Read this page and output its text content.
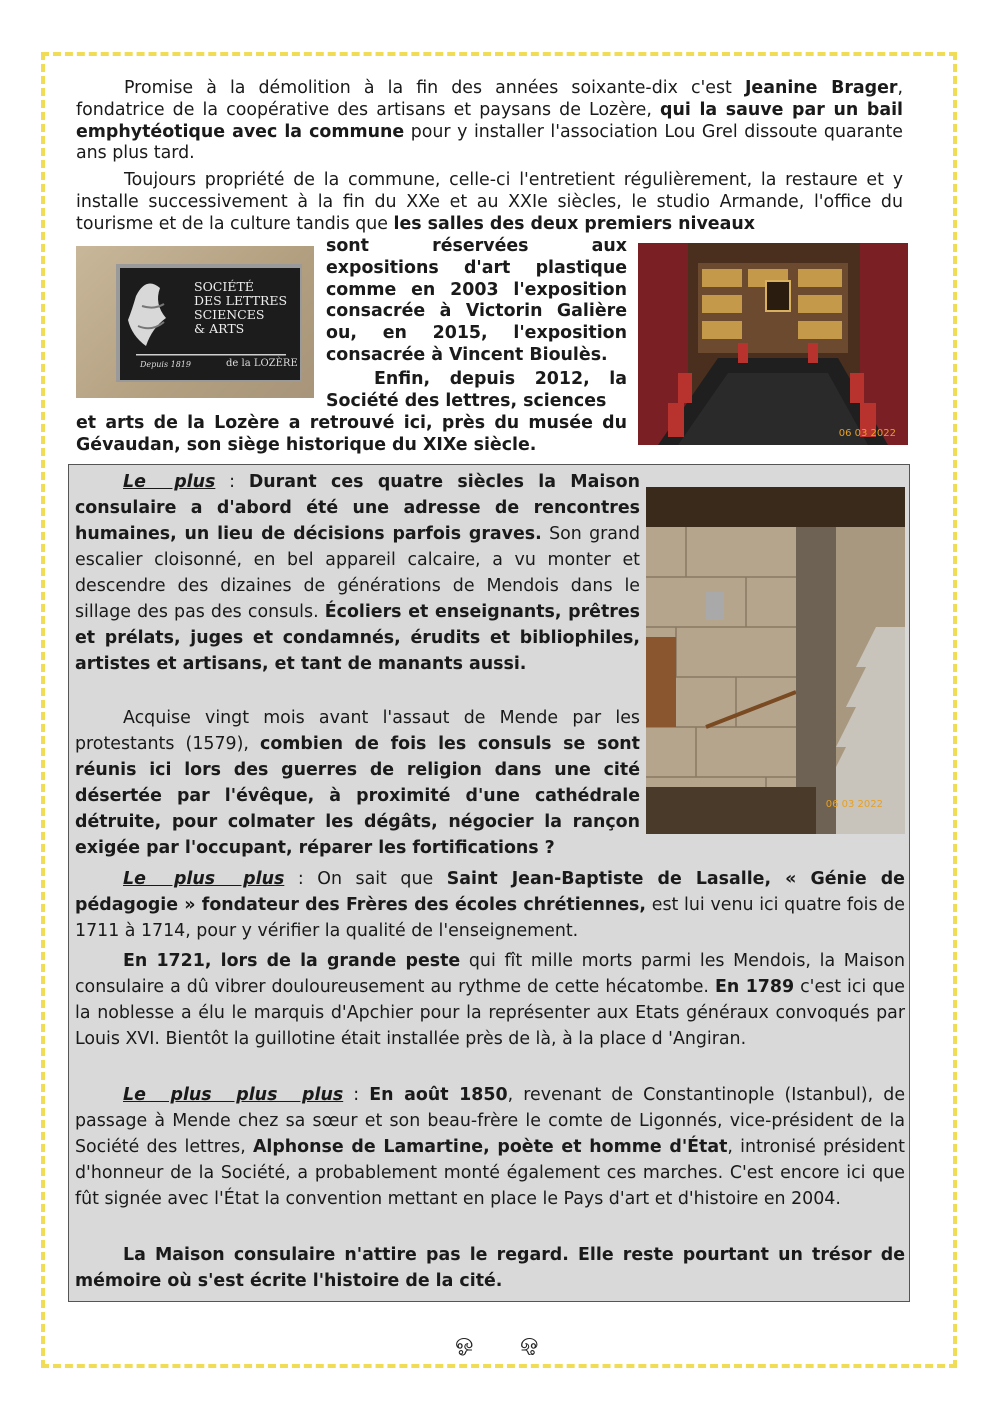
Promise à la démolition à la fin des années soixante-dix c'est Jeanine Brager, fondatrice de la coopérative des artisans et paysans de Lozère, qui la sauve par un bail emphytéotique avec la commune pour y installer l'association Lou Grel dissoute quarante ans plus tard.

Toujours propriété de la commune, celle-ci l'entretient régulièrement, la restaure et y installe successivement à la fin du XXe et au XXIe siècles, le studio Armande, l'office du tourisme et de la culture tandis que les salles des deux premiers niveaux

SOCIÉTÉ
DES LETTRES
SCIENCES
& ARTS
Depuis 1819	de la LOZÈRE

sont réservées aux expositions d'art plastique comme en 2003 l'exposition consacrée à Victorin Galière ou, en 2015, l'exposition consacrée à Vincent Bioulès.

Enfin, depuis 2012, la Société des lettres, sciences

et arts de la Lozère a retrouvé ici, près du musée du Gévaudan, son siège historique du XIXe siècle.

06 03 2022
06 03 2022

Le plus : Durant ces quatre siècles la Maison consulaire a d'abord été une adresse de rencontres humaines, un lieu de décisions parfois graves. Son grand escalier cloisonné, en bel appareil calcaire, a vu monter et descendre des dizaines de générations de Mendois dans le sillage des pas des consuls. Écoliers et enseignants, prêtres et prélats, juges et condamnés, érudits et bibliophiles, artistes et artisans, et tant de manants aussi.

Acquise vingt mois avant l'assaut de Mende par les protestants (1579), combien de fois les consuls se sont réunis ici lors des guerres de religion dans une cité désertée par l'évêque, à proximité d'une cathédrale détruite, pour colmater les dégâts, négocier la rançon exigée par l'occupant, réparer les fortifications ?

Le plus plus : On sait que Saint Jean-Baptiste de Lasalle, « Génie de pédagogie » fondateur des Frères des écoles chrétiennes, est lui venu ici quatre fois de 1711 à 1714, pour y vérifier la qualité de l'enseignement.

En 1721, lors de la grande peste qui fît mille morts parmi les Mendois, la Maison consulaire a dû vibrer douloureusement au rythme de cette hécatombe. En 1789 c'est ici que la noblesse a élu le marquis d'Apchier pour la représenter aux Etats généraux convoqués par Louis XVI. Bientôt la guillotine était installée près de là, à la place d 'Angiran.

Le plus plus plus : En août 1850, revenant de Constantinople (Istanbul), de passage à Mende chez sa sœur et son beau-frère le comte de Ligonnés, vice-président de la Société des lettres, Alphonse de Lamartine, poète et homme d'État, intronisé président d'honneur de la Société, a probablement monté également ces marches. C'est encore ici que fût signée avec l'État la convention mettant en place le Pays d'art et d'histoire en 2004.

La Maison consulaire n'attire pas le regard. Elle reste pourtant un trésor de mémoire où s'est écrite l'histoire de la cité.

ஓ ஓ
